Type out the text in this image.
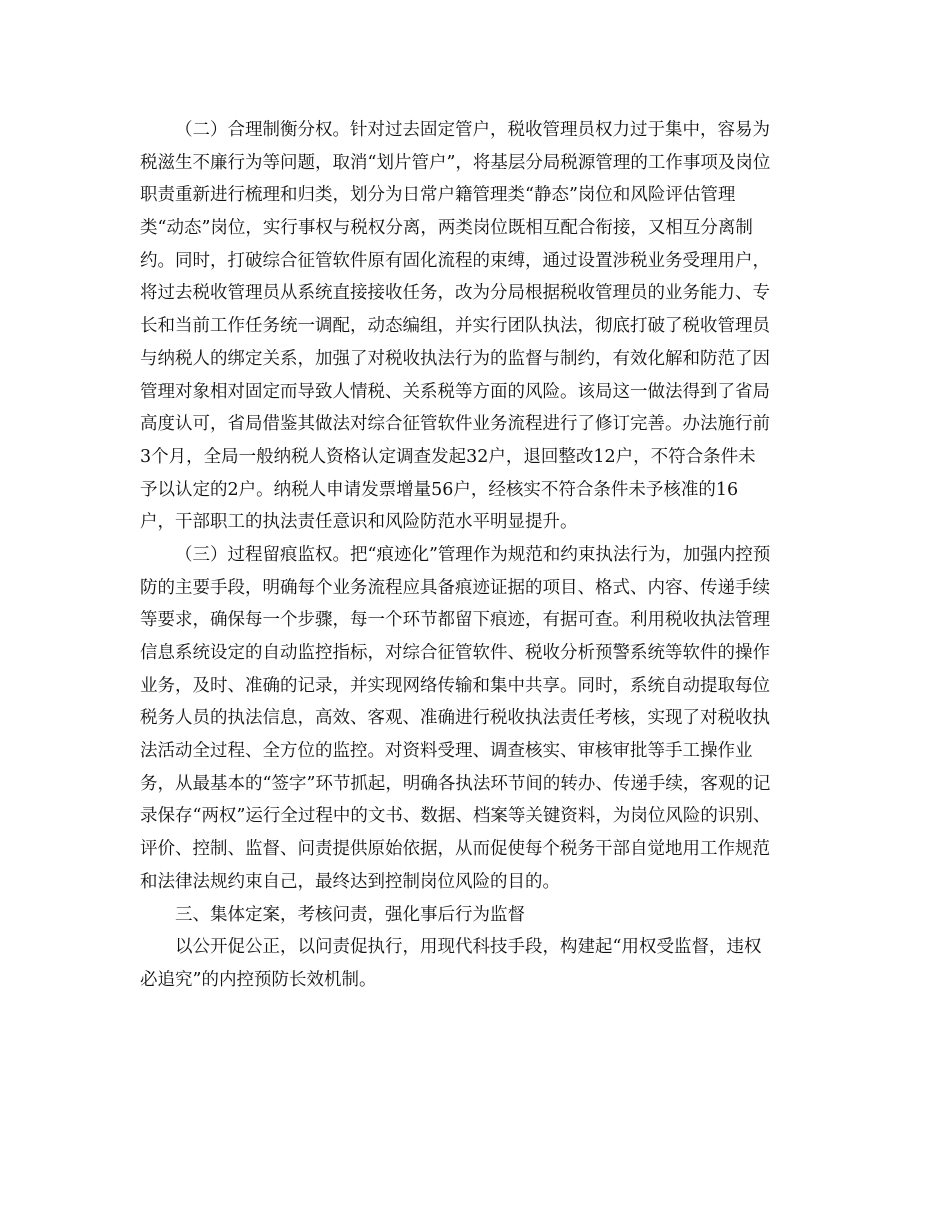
（二）合理制衡分权。针对过去固定管户，税收管理员权力过于集中，容易为
税滋生不廉行为等问题，取消“划片管户”，将基层分局税源管理的工作事项及岗位
职责重新进行梳理和归类，划分为日常户籍管理类“静态”岗位和风险评估管理
类“动态”岗位，实行事权与税权分离，两类岗位既相互配合衔接，又相互分离制
约。同时，打破综合征管软件原有固化流程的束缚，通过设置涉税业务受理用户，
将过去税收管理员从系统直接接收任务，改为分局根据税收管理员的业务能力、专
长和当前工作任务统一调配，动态编组，并实行团队执法，彻底打破了税收管理员
与纳税人的绑定关系，加强了对税收执法行为的监督与制约，有效化解和防范了因
管理对象相对固定而导致人情税、关系税等方面的风险。该局这一做法得到了省局
高度认可，省局借鉴其做法对综合征管软件业务流程进行了修订完善。办法施行前
3个月，全局一般纳税人资格认定调查发起32户，退回整改12户，不符合条件未
予以认定的2户。纳税人申请发票增量56户，经核实不符合条件未予核准的16
户，干部职工的执法责任意识和风险防范水平明显提升。

（三）过程留痕监权。把“痕迹化”管理作为规范和约束执法行为，加强内控预
防的主要手段，明确每个业务流程应具备痕迹证据的项目、格式、内容、传递手续
等要求，确保每一个步骤，每一个环节都留下痕迹，有据可查。利用税收执法管理
信息系统设定的自动监控指标，对综合征管软件、税收分析预警系统等软件的操作
业务，及时、准确的记录，并实现网络传输和集中共享。同时，系统自动提取每位
税务人员的执法信息，高效、客观、准确进行税收执法责任考核，实现了对税收执
法活动全过程、全方位的监控。对资料受理、调查核实、审核审批等手工操作业
务，从最基本的“签字”环节抓起，明确各执法环节间的转办、传递手续，客观的记
录保存“两权”运行全过程中的文书、数据、档案等关键资料，为岗位风险的识别、
评价、控制、监督、问责提供原始依据，从而促使每个税务干部自觉地用工作规范
和法律法规约束自己，最终达到控制岗位风险的目的。

三、集体定案，考核问责，强化事后行为监督

以公开促公正，以问责促执行，用现代科技手段，构建起“用权受监督，违权
必追究”的内控预防长效机制。
